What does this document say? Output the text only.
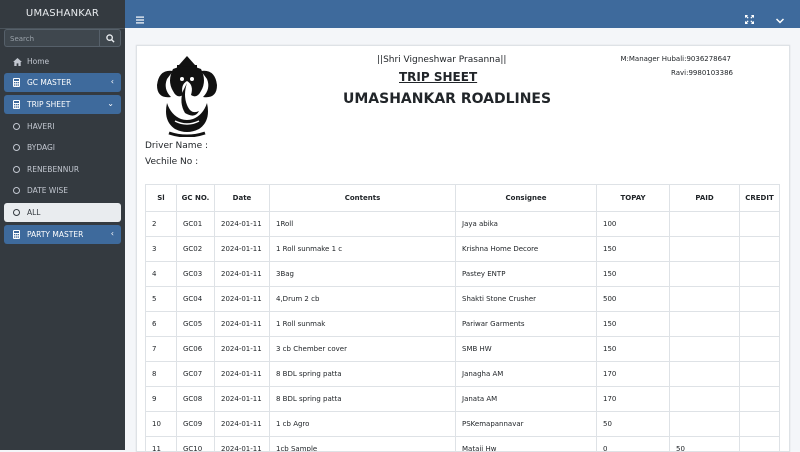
UMASHANKAR
Search
Home
GC MASTER	‹
TRIP SHEET	⌄
HAVERI
BYDAGI
RENEBENNUR
DATE WISE
ALL
PARTY MASTER	‹
||Shri Vigneshwar Prasanna||
TRIP SHEET
UMASHANKAR ROADLINES
M:Manager Hubali:9036278647
Ravi:9980103386
Driver Name :
Vechile No :
Sl	GC NO.	Date	Contents	Consignee	TOPAY	PAID	CREDIT
2	GC01	2024-01-11	1Roll	Jaya abika	100		
3	GC02	2024-01-11	1 Roll sunmake 1 c	Krishna Home Decore	150		
4	GC03	2024-01-11	3Bag	Pastey ENTP	150		
5	GC04	2024-01-11	4,Drum 2 cb	Shakti Stone Crusher	500		
6	GC05	2024-01-11	1 Roll sunmak	Pariwar Garments	150		
7	GC06	2024-01-11	3 cb Chember cover	SMB HW	150		
8	GC07	2024-01-11	8 BDL spring patta	Janagha AM	170		
9	GC08	2024-01-11	8 BDL spring patta	Janata AM	170		
10	GC09	2024-01-11	1 cb Agro	PSKemapannavar	50		
11	GC10	2024-01-11	1cb Sample	Mataji Hw	0	50	
